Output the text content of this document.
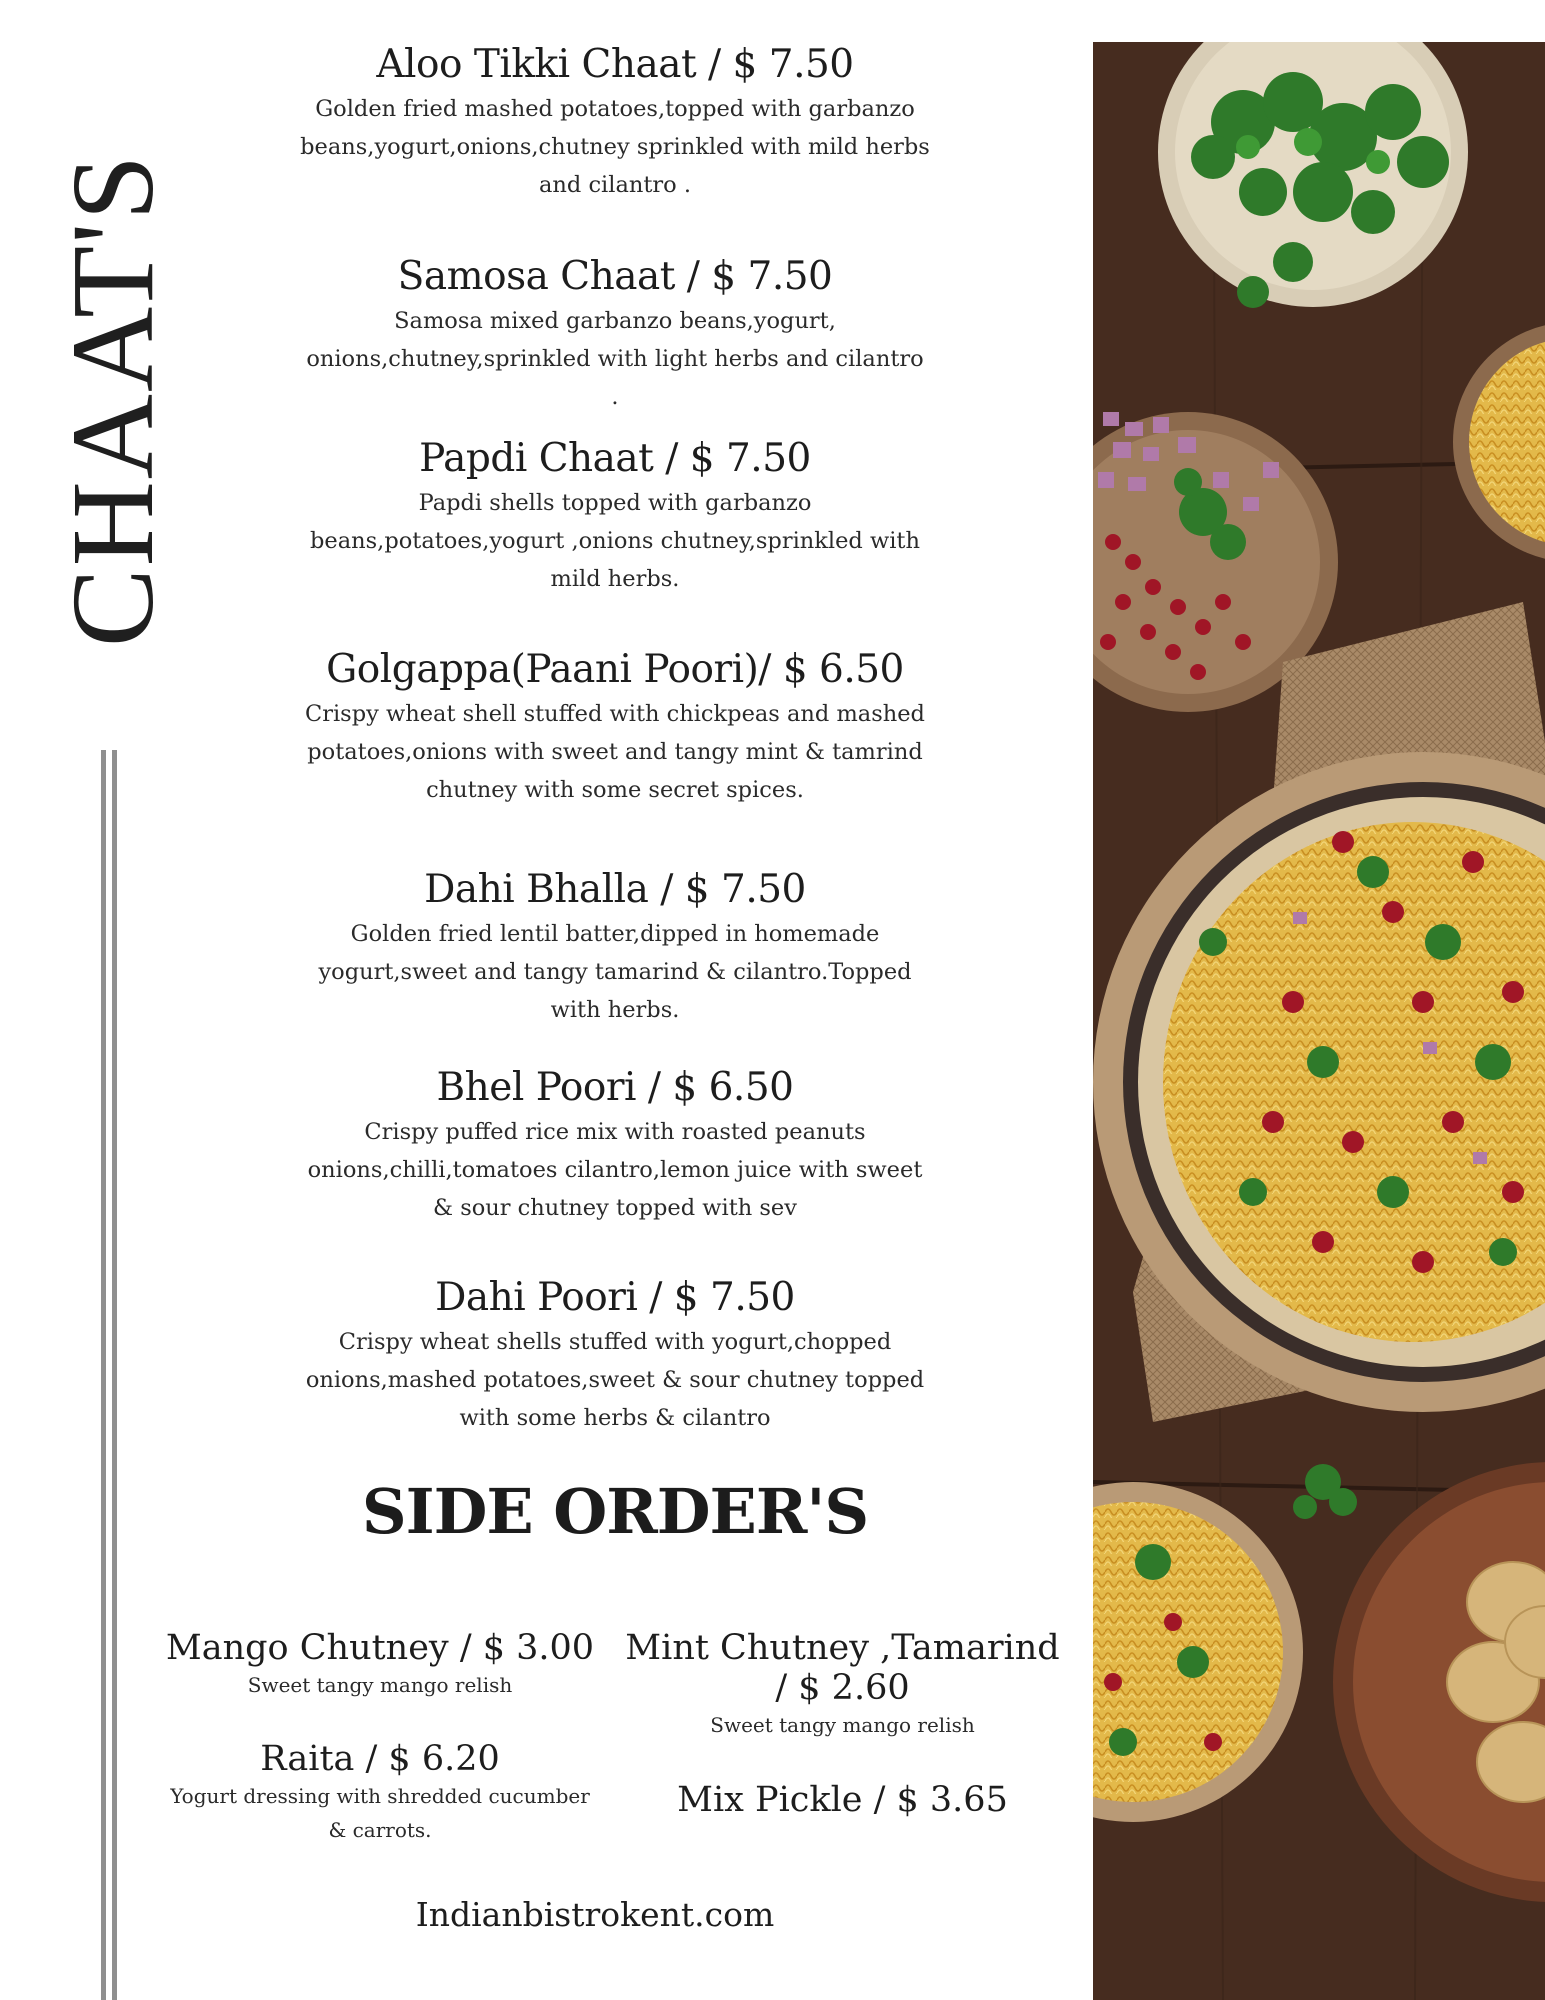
CHAAT'S
Aloo Tikki Chaat / $ 7.50

Golden fried mashed potatoes,topped with garbanzo beans,yogurt,onions,chutney sprinkled with mild herbs and cilantro .

Samosa Chaat / $ 7.50

Samosa mixed garbanzo beans,yogurt, onions,chutney,sprinkled with light herbs and cilantro .

Papdi Chaat / $ 7.50

Papdi shells topped with garbanzo beans,potatoes,yogurt ,onions chutney,sprinkled with mild herbs.

Golgappa(Paani Poori)/ $ 6.50

Crispy wheat shell stuffed with chickpeas and mashed potatoes,onions with sweet and tangy mint & tamrind chutney with some secret spices.

Dahi Bhalla / $ 7.50

Golden fried lentil batter,dipped in homemade yogurt,sweet and tangy tamarind & cilantro.Topped with herbs.

Bhel Poori / $ 6.50

Crispy puffed rice mix with roasted peanuts onions,chilli,tomatoes cilantro,lemon juice with sweet & sour chutney topped with sev

Dahi Poori / $ 7.50

Crispy wheat shells stuffed with yogurt,chopped onions,mashed potatoes,sweet & sour chutney topped with some herbs & cilantro

SIDE ORDER'S
Mango Chutney / $ 3.00

Sweet tangy mango relish

Mint Chutney ,Tamarind / $ 2.60

Sweet tangy mango relish

Raita / $ 6.20

Yogurt dressing with shredded cucumber & carrots.

Mix Pickle / $ 3.65
Indianbistrokent.com
